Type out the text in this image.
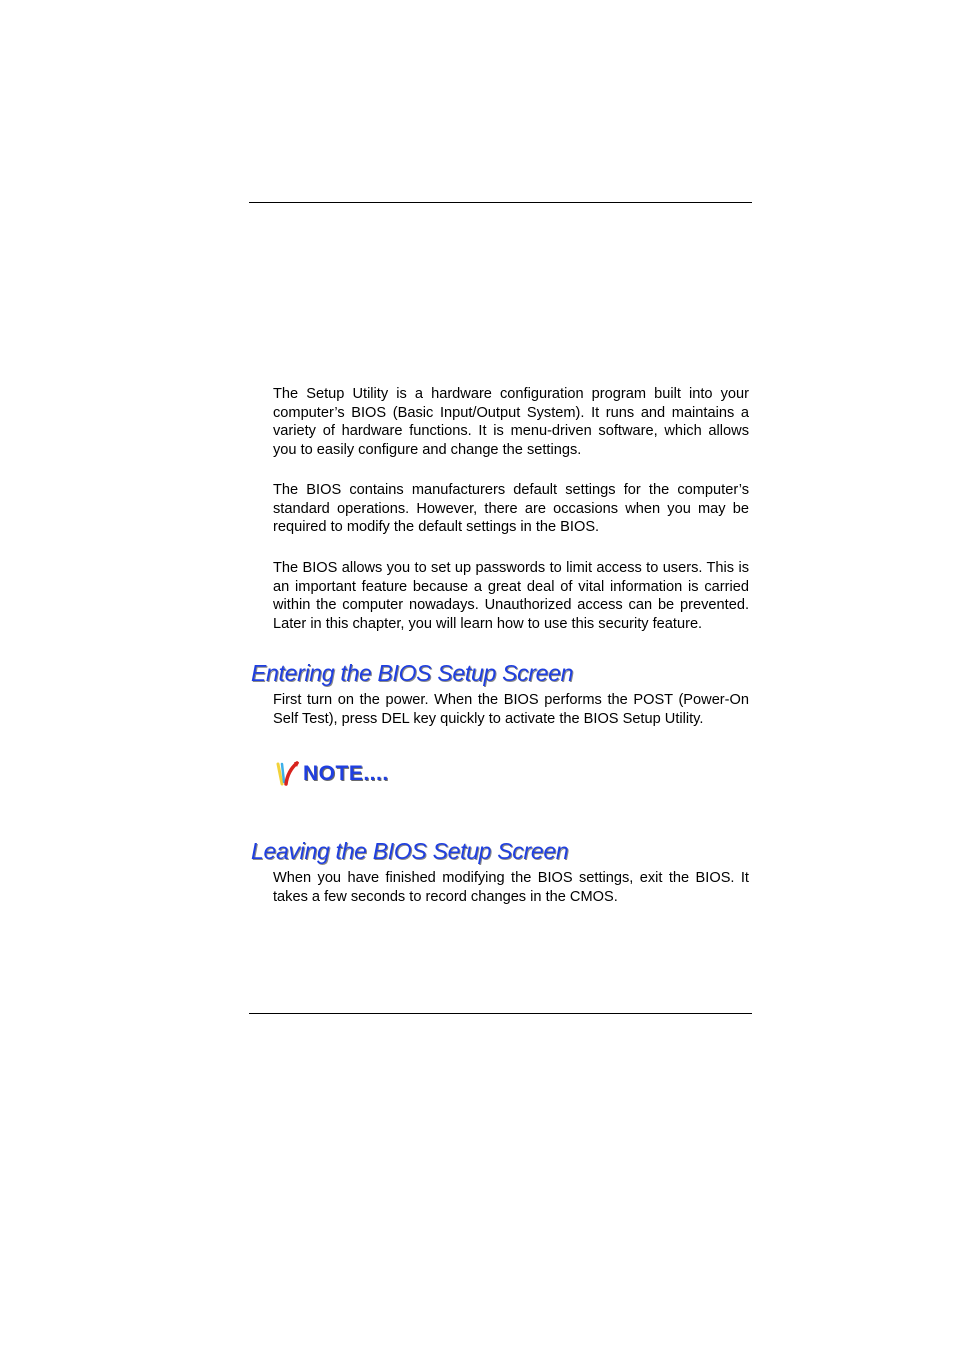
The Setup Utility is a hardware configuration program built into your computer’s BIOS (Basic Input/Output System). It runs and maintains a variety of hardware functions. It is menu-driven software, which allows you to easily configure and change the settings.

The BIOS contains manufacturers default settings for the computer’s standard operations. However, there are occasions when you may be required to modify the default settings in the BIOS.

The BIOS allows you to set up passwords to limit access to users. This is an important feature because a great deal of vital information is carried within the computer nowadays. Unauthorized access can be prevented. Later in this chapter, you will learn how to use this security feature.

Entering the BIOS Setup Screen

First turn on the power. When the BIOS performs the POST (Power-On Self Test), press DEL key quickly to activate the BIOS Setup Utility.

NOTE....
Leaving the BIOS Setup Screen

When you have finished modifying the BIOS settings, exit the BIOS. It takes a few seconds to record changes in the CMOS.
